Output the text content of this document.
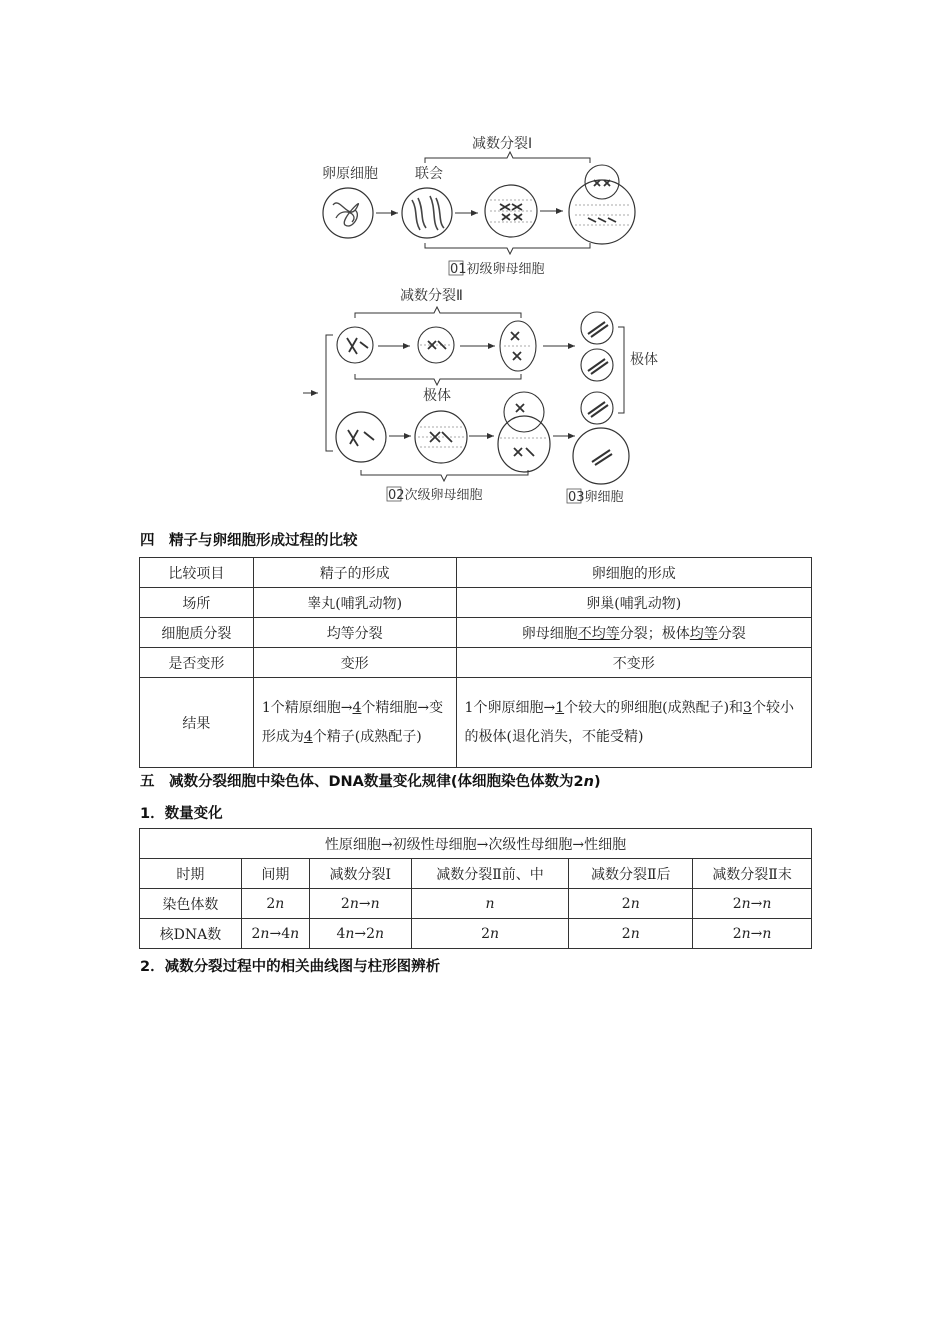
减数分裂Ⅰ
卵原细胞	联会
01初级卵母细胞
减数分裂Ⅱ
极体
极体
02次级卵母细胞	03卵细胞
四　精子与卵细胞形成过程的比较
比较项目	精子的形成	卵细胞的形成
场所	睾丸(哺乳动物)	卵巢(哺乳动物)
细胞质分裂	均等分裂	卵母细胞不均等分裂；极体均等分裂
是否变形	变形	不变形
结果	1个精原细胞→4个精细胞→变形成为4个精子(成熟配子)	1个卵原细胞→1个较大的卵细胞(成熟配子)和3个较小的极体(退化消失，不能受精)
五　减数分裂细胞中染色体、DNA数量变化规律(体细胞染色体数为2n)
1．数量变化
性原细胞→初级性母细胞→次级性母细胞→性细胞					
时期	间期	减数分裂Ⅰ	减数分裂Ⅱ前、中	减数分裂Ⅱ后	减数分裂Ⅱ末
染色体数	2n	2n→n	n	2n	2n→n
核DNA数	2n→4n	4n→2n	2n	2n	2n→n
2．减数分裂过程中的相关曲线图与柱形图辨析
